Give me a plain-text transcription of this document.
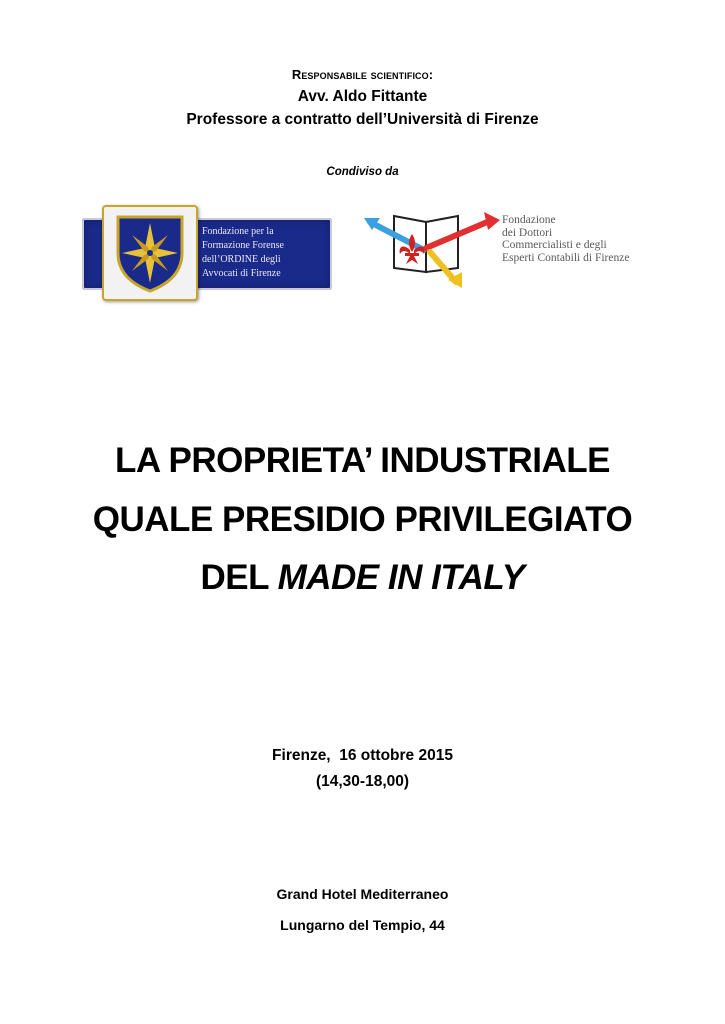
Responsabile scientifico:
Avv. Aldo Fittante
Professore a contratto dell’Università di Firenze
Condiviso da
Fondazione per la
Formazione Forense
dell’ORDINE degli
Avvocati di Firenze
Fondazione
dei Dottori
Commercialisti e degli
Esperti Contabili di Firenze
LA PROPRIETA’ INDUSTRIALE
QUALE PRESIDIO PRIVILEGIATO
DEL MADE IN ITALY
Firenze,  16 ottobre 2015
(14,30-18,00)
Grand Hotel Mediterraneo
Lungarno del Tempio, 44
